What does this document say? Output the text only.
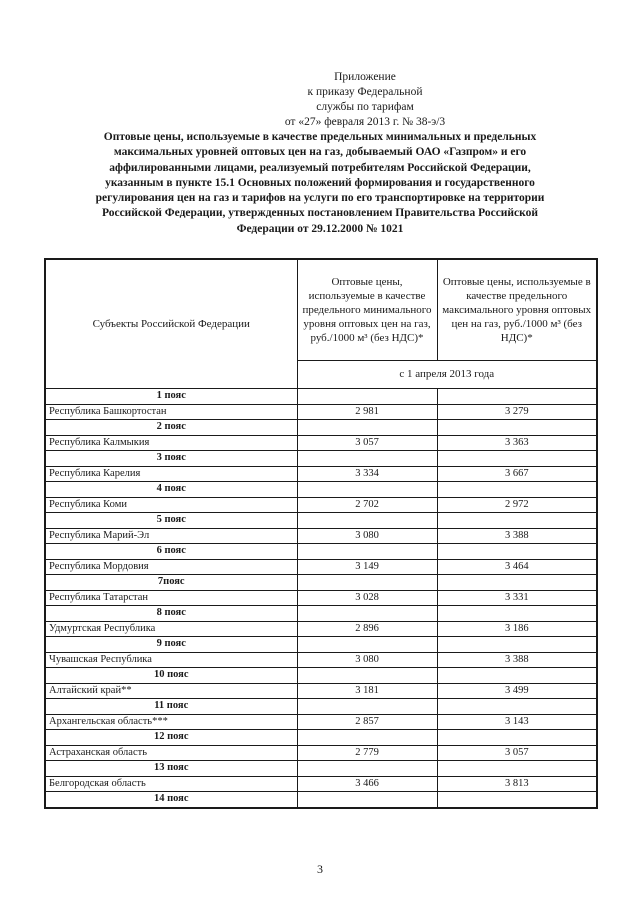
Приложение
к приказу Федеральной
службы по тарифам
от «27» февраля 2013 г. № 38-э/3
Оптовые цены, используемые в качестве предельных минимальных и предельных
максимальных уровней оптовых цен на газ, добываемый ОАО «Газпром» и его
аффилированными лицами, реализуемый потребителям Российской Федерации,
указанным в пункте 15.1 Основных положений формирования и государственного
регулирования цен на газ и тарифов на услуги по его транспортировке на территории
Российской Федерации, утвержденных постановлением Правительства Российской
Федерации от 29.12.2000 № 1021
Субъекты Российской Федерации	Оптовые цены, используемые в качестве предельного минимального уровня оптовых цен на газ, руб./1000 м³ (без НДС)*	Оптовые цены, используемые в качестве предельного максимального уровня оптовых цен на газ, руб./1000 м³ (без НДС)*
	с 1 апреля 2013 года	
1 пояс		
Республика Башкортостан	2 981	3 279
2 пояс		
Республика Калмыкия	3 057	3 363
3 пояс		
Республика Карелия	3 334	3 667
4 пояс		
Республика Коми	2 702	2 972
5 пояс		
Республика Марий-Эл	3 080	3 388
6 пояс		
Республика Мордовия	3 149	3 464
7пояс		
Республика Татарстан	3 028	3 331
8 пояс		
Удмуртская Республика	2 896	3 186
9 пояс		
Чувашская Республика	3 080	3 388
10 пояс		
Алтайский край**	3 181	3 499
11 пояс		
Архангельская область***	2 857	3 143
12 пояс		
Астраханская область	2 779	3 057
13 пояс		
Белгородская область	3 466	3 813
14 пояс		
3
